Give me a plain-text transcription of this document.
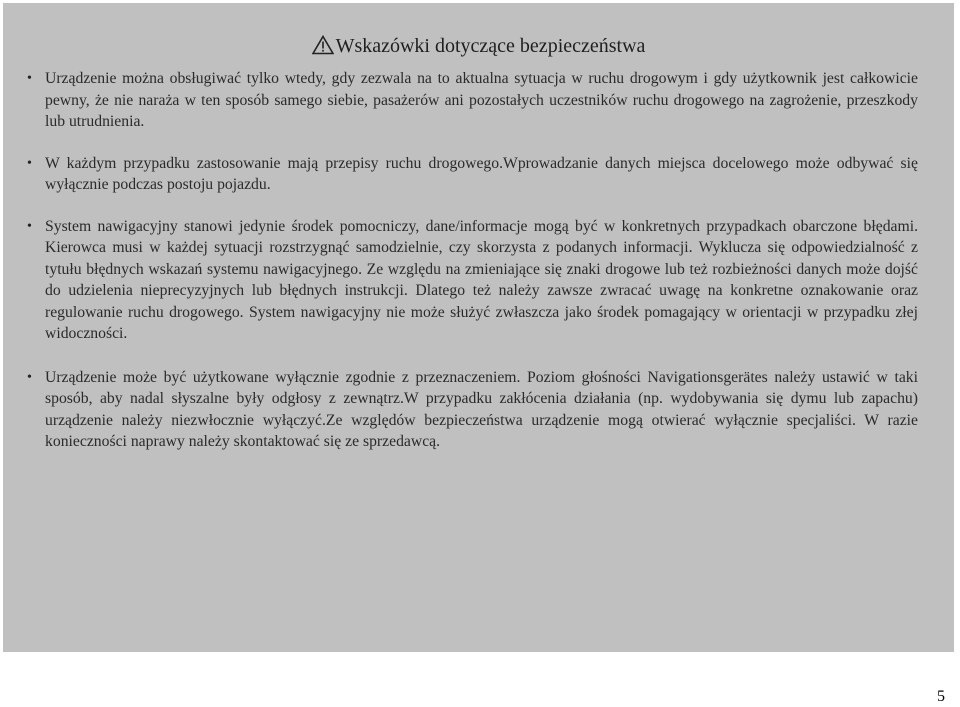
Wskazówki dotyczące bezpieczeństwa
• Urządzenie można obsługiwać tylko wtedy, gdy zezwala na to aktualna sytuacja w ruchu drogowym i gdy użytkownik jest całkowicie pewny, że nie naraża w ten sposób samego siebie, pasażerów ani pozostałych uczestników ruchu drogowego na zagrożenie, przeszkody lub utrudnienia.
• W każdym przypadku zastosowanie mają przepisy ruchu drogowego.Wprowadzanie danych miejsca docelowego może odbywać się wyłącznie podczas postoju pojazdu.
• System nawigacyjny stanowi jedynie środek pomocniczy, dane/informacje mogą być w konkretnych przypadkach obarczone błędami. Kierowca musi w każdej sytuacji rozstrzygnąć samodzielnie, czy skorzysta z podanych informacji. Wyklucza się odpowiedzialność z tytułu błędnych wskazań systemu nawigacyjnego. Ze względu na zmieniające się znaki drogowe lub też rozbieżności danych może dojść do udzielenia nieprecyzyjnych lub błędnych instrukcji. Dlatego też należy zawsze zwracać uwagę na konkretne oznakowanie oraz regulowanie ruchu drogowego. System nawigacyjny nie może służyć zwłaszcza jako środek pomagający w orientacji w przypadku złej widoczności.
• Urządzenie może być użytkowane wyłącznie zgodnie z przeznaczeniem. Poziom głośności Navigationsgerätes należy ustawić w taki sposób, aby nadal słyszalne były odgłosy z zewnątrz.W przypadku zakłócenia działania (np. wydobywania się dymu lub zapachu) urządzenie należy niezwłocznie wyłączyć.Ze względów bezpieczeństwa urządzenie mogą otwierać wyłącznie specjaliści. W razie konieczności naprawy należy skontaktować się ze sprzedawcą.
5
